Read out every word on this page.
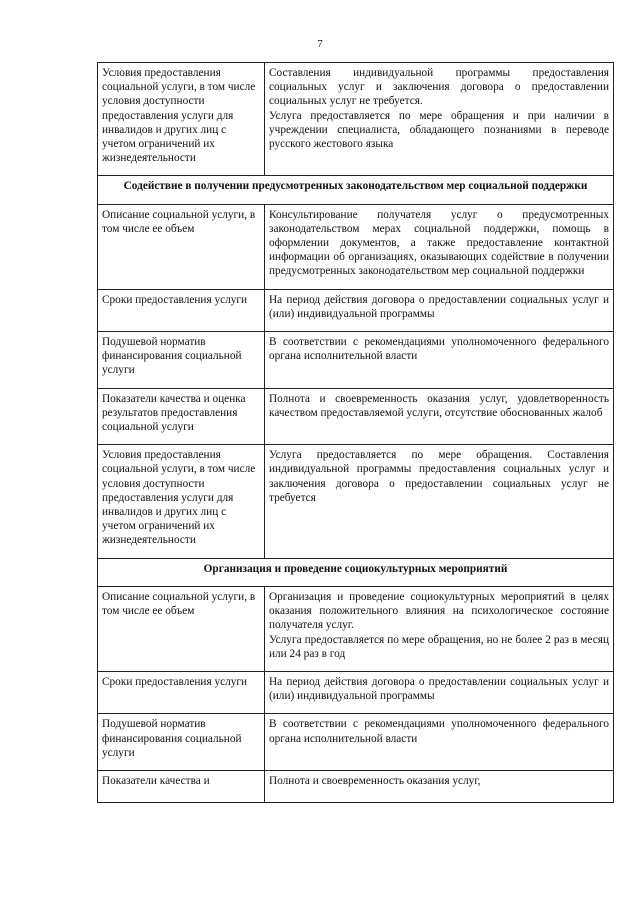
7
Условия предоставления социальной услуги, в том числе условия доступности предоставления услуги для инвалидов и других лиц с учетом ограничений их жизнедеятельности	Составления индивидуальной программы предоставления социальных услуг и заключения договора о предоставлении социальных услуг не требуется.
Услуга предоставляется по мере обращения и при наличии в учреждении специалиста, обладающего познаниями в переводе русского жестового языка

Содействие в получении предусмотренных законодательством мер социальной поддержки	
Описание социальной услуги, в том числе ее объем	Консультирование получателя услуг о предусмотренных законодательством мерах социальной поддержки, помощь в оформлении документов, а также предоставление контактной информации об организациях, оказывающих содействие в получении предусмотренных законодательством мер социальной поддержки

Сроки предоставления услуги	На период действия договора о предоставлении социальных услуг и (или) индивидуальной программы

Подушевой норматив финансирования социальной услуги	В соответствии с рекомендациями уполномоченного федерального органа исполнительной власти

Показатели качества и оценка результатов предоставления социальной услуги	Полнота и своевременность оказания услуг, удовлетворенность качеством предоставляемой услуги, отсутствие обоснованных жалоб

Условия предоставления социальной услуги, в том числе условия доступности предоставления услуги для инвалидов и других лиц с учетом ограничений их жизнедеятельности	Услуга предоставляется по мере обращения. Составления индивидуальной программы предоставления социальных услуг и заключения договора о предоставлении социальных услуг не требуется

Организация и проведение социокультурных мероприятий	
Описание социальной услуги, в том числе ее объем	Организация и проведение социокультурных мероприятий в целях оказания положительного влияния на психологическое состояние получателя услуг.
Услуга предоставляется по мере обращения, но не более 2 раз в месяц или 24 раз в год

Сроки предоставления услуги	На период действия договора о предоставлении социальных услуг и (или) индивидуальной программы

Подушевой норматив финансирования социальной услуги	В соответствии с рекомендациями уполномоченного федерального органа исполнительной власти

Показатели качества и	Полнота и своевременность оказания услуг,
